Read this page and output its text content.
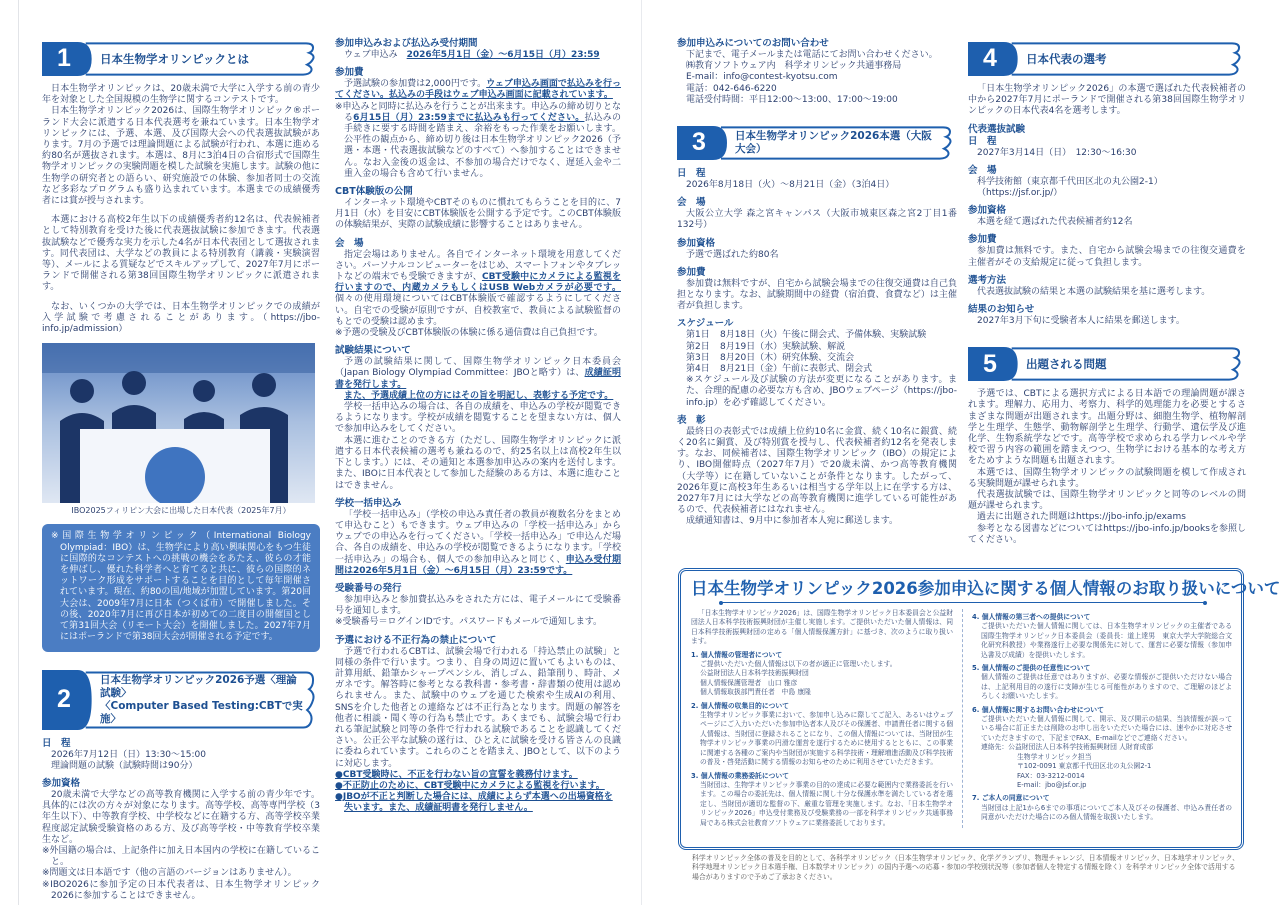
1	日本生物学オリンピックとは

日本生物学オリンピックは、20歳未満で大学に入学する前の青少年を対象とした全国規模の生物学に関するコンテストです。

日本生物学オリンピック2026は、国際生物学オリンピック®ポーランド大会に派遣する日本代表選考を兼ねています。日本生物学オリンピックには、予選、本選、及び国際大会への代表選抜試験があります。7月の予選では理論問題による試験が行われ、本選に進める約80名が選抜されます。本選は、8月に3泊4日の合宿形式で国際生物学オリンピックの実験問題を模した試験を実施します。試験の他に生物学の研究者との語らい、研究施設での体験、参加者同士の交流など多彩なプログラムも盛り込まれています。本選までの成績優秀者には賞が授与されます。

本選における高校2年生以下の成績優秀者約12名は、代表候補者として特別教育を受けた後に代表選抜試験に参加できます。代表選抜試験などで優秀な実力を示した4名が日本代表団として選抜されます。同代表団は、大学などの教員による特別教育（講義・実験演習等）、メールによる質疑などでスキルアップして、2027年7月にポーランドで開催される第38回国際生物学オリンピックに派遣されます。

なお、いくつかの大学では、日本生物学オリンピックでの成績が入学試験で考慮されることがあります。（https://jbo-info.jp/admission）

IBO2025フィリピン大会に出場した日本代表（2025年7月）

※国際生物学オリンピック（International Biology Olympiad：IBO）は、生物学により高い興味関心をもつ生徒に国際的なコンテストへの挑戦の機会をあたえ、彼らの才能を伸ばし、優れた科学者へと育てると共に、彼らの国際的ネットワーク形成をサポートすることを目的として毎年開催されています。現在、約80の国/地域が加盟しています。第20回大会は、2009年7月に日本（つくば市）で開催しました。その後、2020年7月に再び日本が初めての二度目の開催国として第31回大会（リモート大会）を開催しました。2027年7月にはポーランドで第38回大会が開催される予定です。

2
日本生物学オリンピック2026予選〈理論試験〉
〈Computer Based Testing:CBTで実施〉
日　程

2026年7月12日（日）13:30～15:00

理論問題の試験（試験時間は90分）

参加資格

20歳未満で大学などの高等教育機関に入学する前の青少年です。具体的には次の方々が対象になります。高等学校、高等専門学校（3年生以下）、中等教育学校、中学校などに在籍する方、高等学校卒業程度認定試験受験資格のある方、及び高等学校・中等教育学校卒業生など。

※外国籍の場合は、上記条件に加え日本国内の学校に在籍していること。

※問題文は日本語です（他の言語のバージョンはありません）。

※IBO2026に参加予定の日本代表者は、日本生物学オリンピック2026に参加することはできません。

参加申込みおよび払込み受付期間

ウェブ申込み　2026年5月1日（金）～6月15日（月）23:59

参加費

予選試験の参加費は2,000円です。ウェブ申込み画面で払込みを行ってください。払込みの手段はウェブ申込み画面に記載されています。

※申込みと同時に払込みを行うことが出来ます。申込みの締め切りとなる6月15日（月）23:59までに払込みも行ってください。払込みの手続きに要する時間を踏まえ、余裕をもった作業をお願いします。公平性の観点から、締め切り後は日本生物学オリンピック2026（予選・本選・代表選抜試験などのすべて）へ参加することはできません。なお入金後の返金は、不参加の場合だけでなく、遅延入金や二重入金の場合も含めて行いません。

CBT体験版の公開

インターネット環境やCBTそのものに慣れてもらうことを目的に、7月1日（水）を目安にCBT体験版を公開する予定です。このCBT体験版の体験結果が、実際の試験成績に影響することはありません。

会　場

指定会場はありません。各自でインターネット環境を用意してください。パーソナルコンピューターをはじめ、スマートフォンやタブレットなどの端末でも受験できますが、CBT受験中にカメラによる監視を行いますので、内蔵カメラもしくはUSB Webカメラが必要です。個々の使用環境についてはCBT体験版で確認するようにしてください。自宅での受験が原則ですが、自校教室で、教員による試験監督のもとでの受験は認めます。

※予選の受験及びCBT体験版の体験に係る通信費は自己負担です。

試験結果について

予選の試験結果に関して、国際生物学オリンピック日本委員会（Japan Biology Olympiad Committee：JBOと略す）は、成績証明書を発行します。

また、予選成績上位の方にはその旨を明記し、表彰する予定です。

学校一括申込みの場合は、各自の成績を、申込みの学校が閲覧できるようになります。学校が成績を閲覧することを望まない方は、個人で参加申込みをしてください。

本選に進むことのできる方（ただし、国際生物学オリンピックに派遣する日本代表候補の選考も兼ねるので、約25名以上は高校2年生以下とします。）には、その通知と本選参加申込みの案内を送付します。また、IBOに日本代表として参加した経験のある方は、本選に進むことはできません。

学校一括申込み

「学校一括申込み」（学校の申込み責任者の教員が複数名分をまとめて申込むこと）もできます。ウェブ申込みの「学校一括申込み」からウェブでの申込みを行ってください。「学校一括申込み」で申込んだ場合、各自の成績を、申込みの学校が閲覧できるようになります。「学校一括申込み」の場合も、個人での参加申込みと同じく、申込み受付期間は2026年5月1日（金）～6月15日（月）23:59です。

受験番号の発行

参加申込みと参加費払込みをされた方には、電子メールにて受験番号を通知します。

※受験番号＝ログインIDです。パスワードもメールで通知します。

予選における不正行為の禁止について

予選で行われるCBTは、試験会場で行われる「持込禁止の試験」と同様の条件で行います。つまり、自身の周辺に置いてもよいものは、計算用紙、鉛筆かシャープペンシル、消しゴム、鉛筆削り、時計、メガネです。解答時に参考となる教科書・参考書・辞書類の使用は認められません。また、試験中のウェブを通じた検索や生成AIの利用、SNSを介した他者との連絡などは不正行為となります。問題の解答を他者に相談・聞く等の行為も禁止です。あくまでも、試験会場で行われる筆記試験と同等の条件で行われる試験であることを認識してください。公正公平な試験の遂行は、ひとえに試験を受ける皆さんの良識に委ねられています。これらのことを踏まえ、JBOとして、以下のように対応します。

●CBT受験時に、不正を行わない旨の宣誓を義務付けます。

●不正防止のために、CBT受験中にカメラによる監視を行います。

●JBOが不正と判断した場合には、成績によらず本選への出場資格を失います。また、成績証明書を発行しません。

参加申込みについてのお問い合わせ

下記まで、電子メールまたは電話にてお問い合わせください。

㈱教育ソフトウェア内　科学オリンピック共通事務局

E-mail：info@contest-kyotsu.com

電話：042-646-6220

電話受付時間：平日12:00～13:00、17:00～19:00

3	日本生物学オリンピック2026本選（大阪大会）
日　程

2026年8月18日（火）～8月21日（金）（3泊4日）

会　場

大阪公立大学 森之宮キャンパス（大阪市城東区森之宮2丁目1番132号）

参加資格

予選で選ばれた約80名

参加費

参加費は無料ですが、自宅から試験会場までの往復交通費は自己負担となります。なお、試験期間中の経費（宿泊費、食費など）は主催者が負担します。

スケジュール
第1日	8月18日（火）午後に開会式、予備体験、実験試験
第2日	8月19日（水）実験試験、解説
第3日	8月20日（木）研究体験、交流会
第4日	8月21日（金）午前に表彰式、閉会式

※スケジュール及び試験の方法が変更になることがあります。また、合理的配慮の必要な方も含め、JBOウェブページ（https://jbo-info.jp）を必ず確認してください。

表　彰

最終日の表彰式では成績上位約10名に金賞、続く10名に銀賞、続く20名に銅賞、及び特別賞を授与し、代表候補者約12名を発表します。なお、同候補者は、国際生物学オリンピック（IBO）の規定により、IBO開催時点（2027年7月）で20歳未満、かつ高等教育機関（大学等）に在籍していないことが条件となります。したがって、2026年夏に高校3年生あるいは相当する学年以上に在学する方は、2027年7月には大学などの高等教育機関に進学している可能性があるので、代表候補者にはなれません。

成績通知書は、9月中に参加者本人宛に郵送します。

4	日本代表の選考

「日本生物学オリンピック2026」の本選で選ばれた代表候補者の中から2027年7月にポーランドで開催される第38回国際生物学オリンピックの日本代表4名を選考します。

代表選抜試験
日　程

2027年3月14日（日）　12:30～16:30

会　場

科学技術館（東京都千代田区北の丸公園2-1）

（https://jsf.or.jp/）

参加資格

本選を経て選ばれた代表候補者約12名

参加費

参加費は無料です。また、自宅から試験会場までの往復交通費を主催者がその支給規定に従って負担します。

選考方法

代表選抜試験の結果と本選の試験結果を基に選考します。

結果のお知らせ

2027年3月下旬に受験者本人に結果を郵送します。

5	出題される問題

予選では、CBTによる選択方式による日本語での理論問題が課されます。理解力、応用力、考察力、科学的処理能力を必要とするさまざまな問題が出題されます。出題分野は、細胞生物学、植物解剖学と生理学、生態学、動物解剖学と生理学、行動学、遺伝学及び進化学、生物系統学などです。高等学校で求められる学力レベルや学校で習う内容の範囲を踏まえつつ、生物学における基本的な考え方をためすような問題も出題されます。

本選では、国際生物学オリンピックの試験問題を模して作成される実験問題が課せられます。

代表選抜試験では、国際生物学オリンピックと同等のレベルの問題が課せられます。

過去に出題された問題はhttps://jbo-info.jp/exams

参考となる図書などについてはhttps://jbo-info.jp/booksを参照してください。

日本生物学オリンピック2026参加申込に関する個人情報のお取り扱いについて

「日本生物学オリンピック2026」は、国際生物学オリンピック日本委員会と公益財団法人日本科学技術振興財団が主催し実施します。ご提供いただいた個人情報は、同日本科学技術振興財団の定める「個人情報保護方針」に基づき、次のように取り扱います。

1. 個人情報の管理者について

ご提供いただいた個人情報は以下の者が適正に管理いたします。

公益財団法人日本科学技術振興財団

個人情報保護管理者　山口 雅彦

個人情報取扱部門責任者　中島 康隆

2. 個人情報の収集目的について

生物学オリンピック事業において、参加申し込みに際してご記入、あるいはウェブページにご入力いただいた参加申込者本人及びその保護者、申請責任者に関する個人情報は、当財団に登録されることになり、この個人情報については、当財団が生物学オリンピック事業の円滑な運営を遂行するために使用するとともに、この事業に関連する各種のご案内や当財団が実施する科学技術・理解増進活動及び科学技術の普及・啓発活動に関する情報のお知らせのために利用させていただきます。

3. 個人情報の業務委託について

当財団は、生物学オリンピック事業の目的の達成に必要な範囲内で業務委託を行います。この場合の委託先は、個人情報に関し十分な保護水準を満たしている者を選定し、当財団が適切な監督の下、厳重な管理を実施します。なお、「日本生物学オリンピック2026」申込受付業務及び受験業務の一部を科学オリンピック共通事務局である株式会社教育ソフトウェアに業務委託しております。

4. 個人情報の第三者への提供について

ご提供いただいた個人情報に関しては、日本生物学オリンピックの主催者である国際生物学オリンピック日本委員会（委員長：道上達男　東京大学大学院総合文化研究科教授）や業務遂行上必要な関係先に対して、運営に必要な情報（参加申込書及び成績）を提供いたします。

5. 個人情報のご提供の任意性について

個人情報のご提供は任意ではありますが、必要な情報がご提供いただけない場合は、上記利用目的の遂行に支障が生じる可能性がありますので、ご理解のほどよろしくお願いいたします。

6. 個人情報に関するお問い合わせについて

ご提供いただいた個人情報に関して、開示、及び開示の結果、当該情報が誤っている場合に訂正または削除のお申し出をいただいた場合には、速やかに対応させていただきますので、下記までFAX、E-mailなどでご連絡ください。

連絡先：公益財団法人日本科学技術振興財団 人財育成部

生物学オリンピック担当

〒102-0091 東京都千代田区北の丸公園2-1

FAX：03-3212-0014

E-mail：jbo@jsf.or.jp

7. ご本人の同意について

当財団は上記1から6までの事項についてご本人及びその保護者、申込み責任者の同意がいただけた場合にのみ個人情報を取扱いたします。

科学オリンピック全体の普及を目的として、各科学オリンピック（日本生物学オリンピック、化学グランプリ、物理チャレンジ、日本情報オリンピック、日本地学オリンピック、科学地理オリンピック日本選手権、日本数学オリンピック）の国内予選への応募・参加の学校別状況等（参加者個人を特定する情報を除く）を科学オリンピック全体で活用する場合がありますので予めご了承おきください。
